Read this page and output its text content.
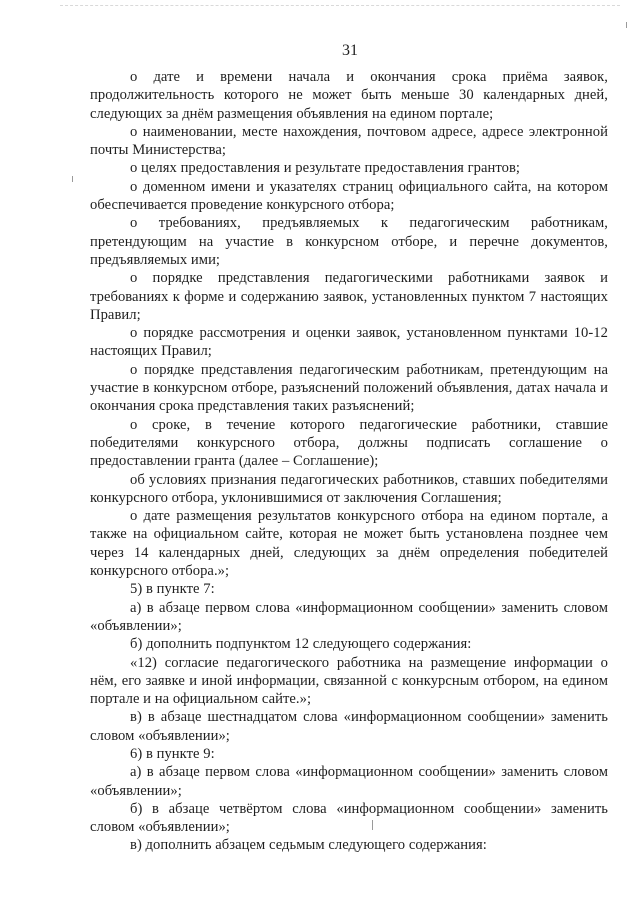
31

о дате и времени начала и окончания срока приёма заявок, продолжительность которого не может быть меньше 30 календарных дней, следующих за днём размещения объявления на едином портале;

о наименовании, месте нахождения, почтовом адресе, адресе электронной почты Министерства;

о целях предоставления и результате предоставления грантов;

о доменном имени и указателях страниц официального сайта, на котором обеспечивается проведение конкурсного отбора;

о требованиях, предъявляемых к педагогическим работникам, претендующим на участие в конкурсном отборе, и перечне документов, предъявляемых ими;

о порядке представления педагогическими работниками заявок и требованиях к форме и содержанию заявок, установленных пунктом 7 настоящих Правил;

о порядке рассмотрения и оценки заявок, установленном пунктами 10-12 настоящих Правил;

о порядке представления педагогическим работникам, претендующим на участие в конкурсном отборе, разъяснений положений объявления, датах начала и окончания срока представления таких разъяснений;

о сроке, в течение которого педагогические работники, ставшие победителями конкурсного отбора, должны подписать соглашение о предоставлении гранта (далее – Соглашение);

об условиях признания педагогических работников, ставших победителями конкурсного отбора, уклонившимися от заключения Соглашения;

о дате размещения результатов конкурсного отбора на едином портале, а также на официальном сайте, которая не может быть установлена позднее чем через 14 календарных дней, следующих за днём определения победителей конкурсного отбора.»;

5) в пункте 7:

а) в абзаце первом слова «информационном сообщении» заменить словом «объявлении»;

б) дополнить подпунктом 12 следующего содержания:

«12) согласие педагогического работника на размещение информации о нём, его заявке и иной информации, связанной с конкурсным отбором, на едином портале и на официальном сайте.»;

в) в абзаце шестнадцатом слова «информационном сообщении» заменить словом «объявлении»;

6) в пункте 9:

а) в абзаце первом слова «информационном сообщении» заменить словом «объявлении»;

б) в абзаце четвёртом слова «информационном сообщении» заменить словом «объявлении»;

в) дополнить абзацем седьмым следующего содержания:
